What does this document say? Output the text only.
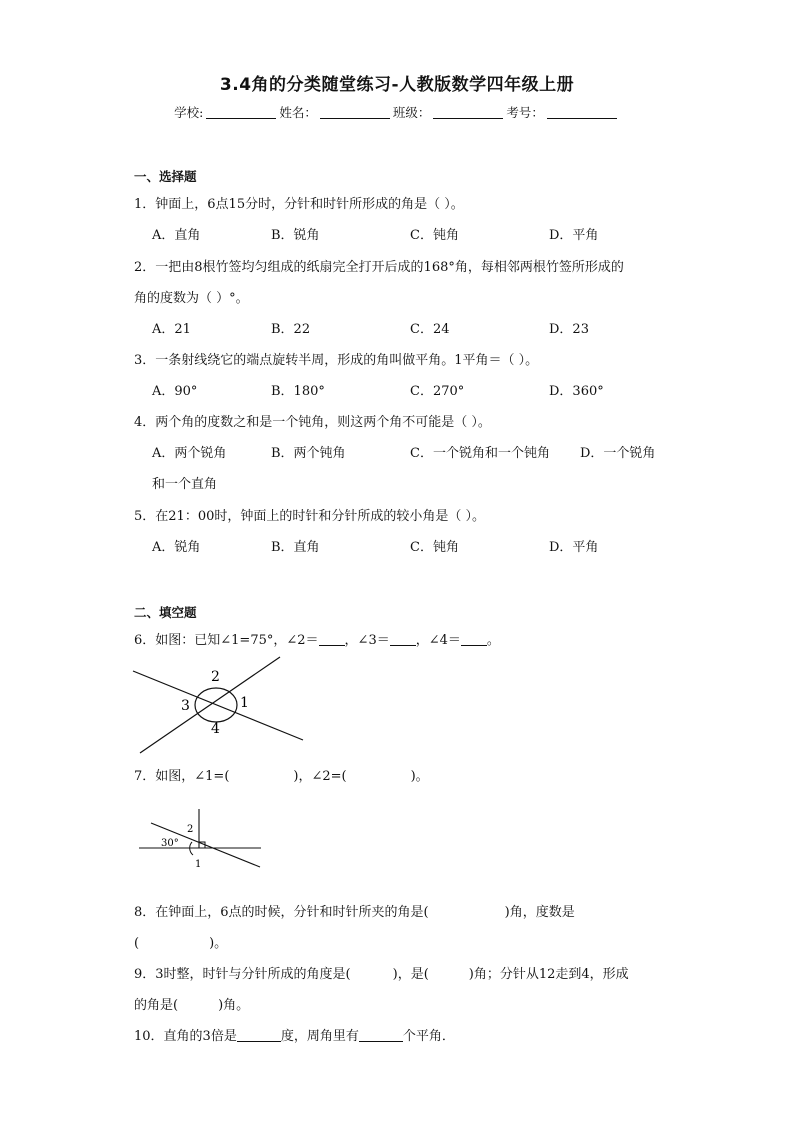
3.4角的分类随堂练习-人教版数学四年级上册
学校:	姓名：	班级：	考号：
一、选择题
1．钟面上，6点15分时，分针和时针所形成的角是（ ）。
A．直角	B．锐角	C．钝角	D．平角
2．一把由8根竹签均匀组成的纸扇完全打开后成的168°角，每相邻两根竹签所形成的
角的度数为（ ）°。
A．21	B．22	C．24	D．23
3．一条射线绕它的端点旋转半周，形成的角叫做平角。1平角＝（ ）。
A．90°	B．180°	C．270°	D．360°
4．两个角的度数之和是一个钝角，则这两个角不可能是（ ）。
A．两个锐角	B．两个钝角	C．一个锐角和一个钝角 D．一个锐角
和一个直角
5．在21：00时，钟面上的时针和分针所成的较小角是（ ）。
A．锐角	B．直角	C．钝角	D．平角
二、填空题
6．如图：已知∠1=75°，∠2＝ ，∠3＝ ，∠4＝ 。
2
1
3
4
7．如图，∠1=(	)，∠2=(	)。
30°
2
1
8．在钟面上，6点的时候，分针和时针所夹的角是(	)角，度数是
(	)。
9．3时整，时针与分针所成的角度是(	)，是(	)角；分针从12走到4，形成
的角是(	)角。
10．直角的3倍是	度，周角里有	个平角．
